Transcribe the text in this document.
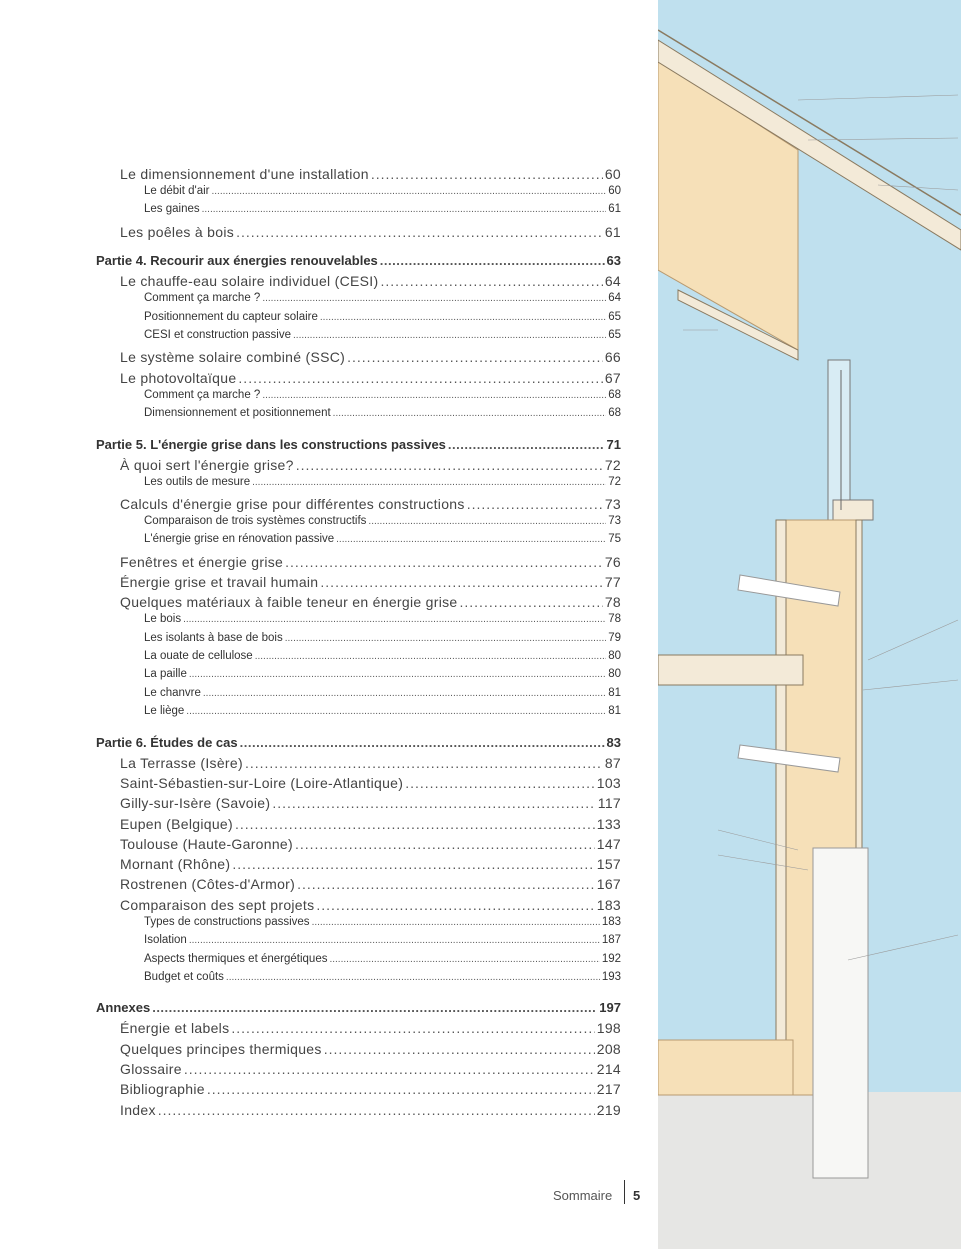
Le dimensionnement d'une installation .....	60
Le débit d'air .....	60
Les gaines .....	61
Les poêles à bois .....	61
Partie 4. Recourir aux énergies renouvelables .....	63
Le chauffe-eau solaire individuel (CESI) .....	64
Comment ça marche ? .....	64
Positionnement du capteur solaire .....	65
CESI et construction passive .....	65
Le système solaire combiné (SSC) .....	66
Le photovoltaïque .....	67
Comment ça marche ? .....	68
Dimensionnement et positionnement .....	68
Partie 5. L'énergie grise dans les constructions passives .....	71
À quoi sert l'énergie grise? .....	72
Les outils de mesure .....	72
Calculs d'énergie grise pour différentes constructions .....	73
Comparaison de trois systèmes constructifs .....	73
L'énergie grise en rénovation passive .....	75
Fenêtres et énergie grise .....	76
Énergie grise et travail humain .....	77
Quelques matériaux à faible teneur en énergie grise .....	78
Le bois .....	78
Les isolants à base de bois .....	79
La ouate de cellulose .....	80
La paille .....	80
Le chanvre .....	81
Le liège .....	81
Partie 6. Études de cas .....	83
La Terrasse (Isère) .....	87
Saint-Sébastien-sur-Loire (Loire-Atlantique) .....	103
Gilly-sur-Isère (Savoie) .....	117
Eupen (Belgique) .....	133
Toulouse (Haute-Garonne) .....	147
Mornant (Rhône) .....	157
Rostrenen (Côtes-d'Armor) .....	167
Comparaison des sept projets .....	183
Types de constructions passives .....	183
Isolation .....	187
Aspects thermiques et énergétiques .....	192
Budget et coûts .....	193
Annexes .....	197
Énergie et labels .....	198
Quelques principes thermiques .....	208
Glossaire .....	214
Bibliographie .....	217
Index .....	219
Sommaire 5
